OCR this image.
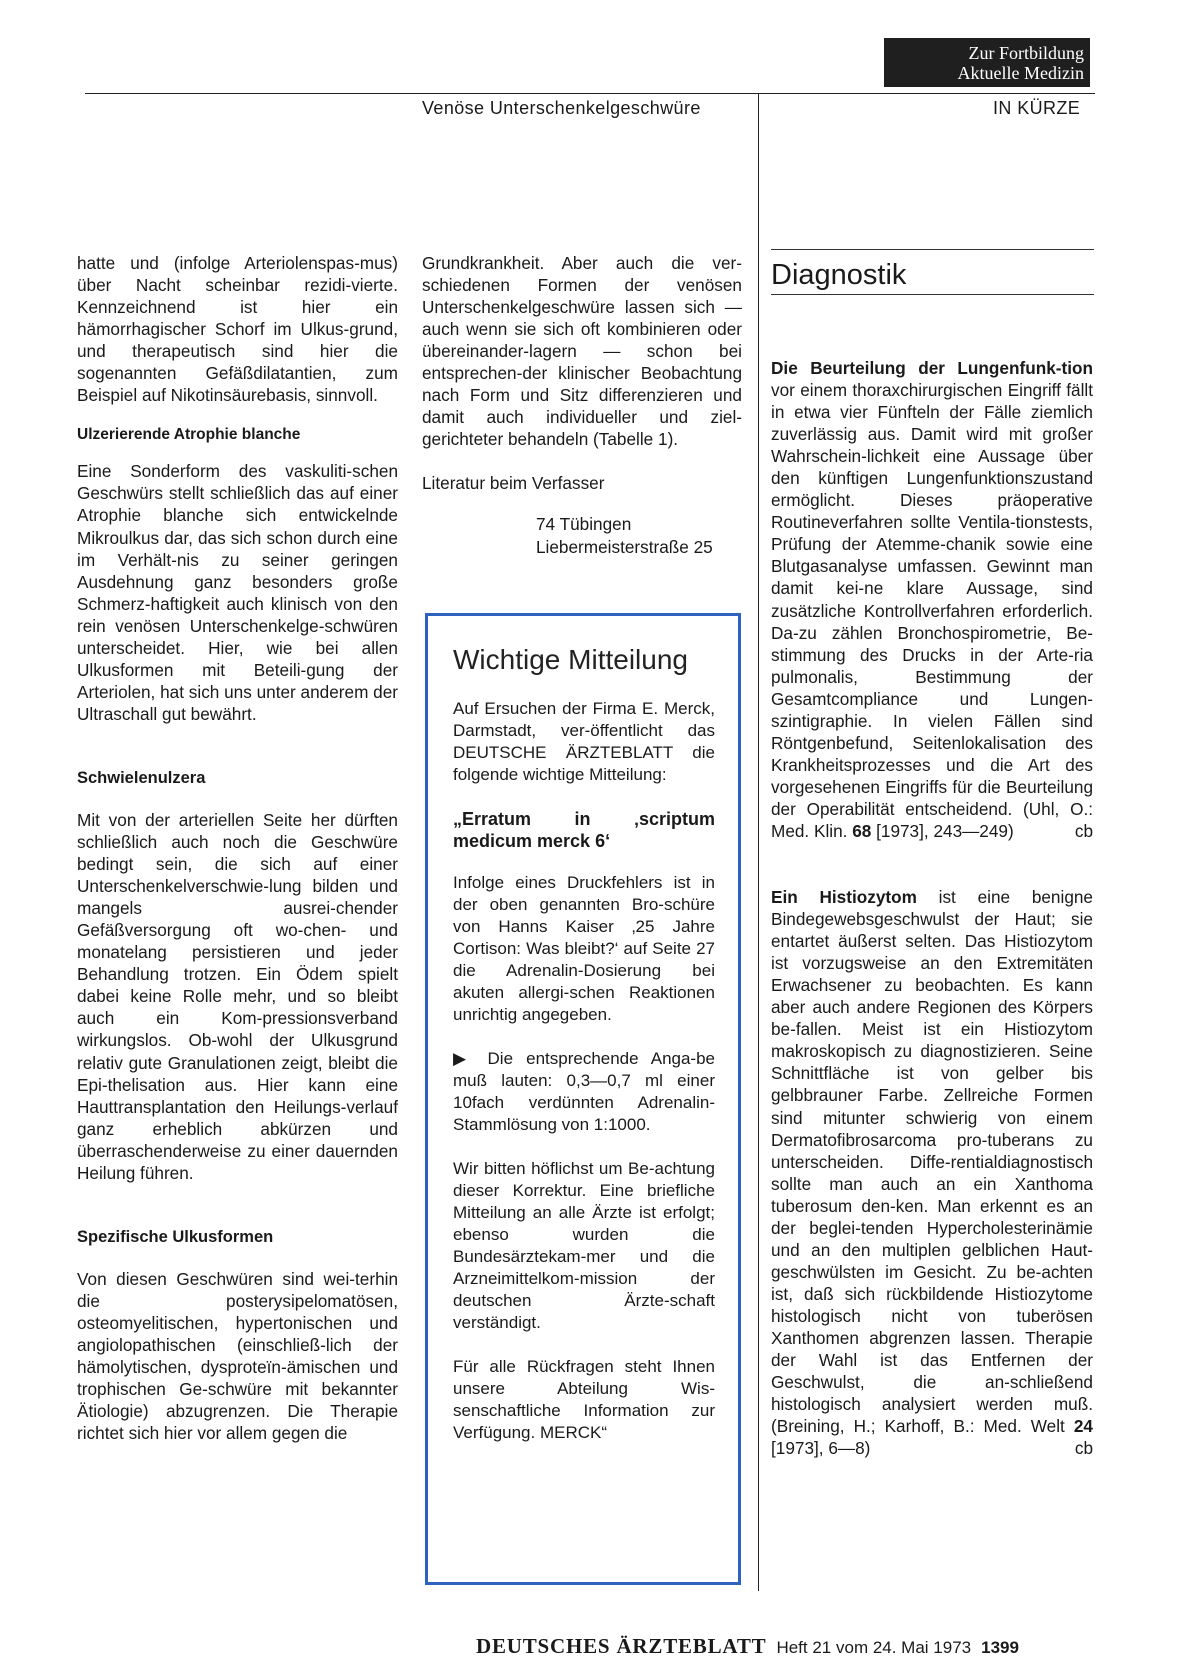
Zur Fortbildung
Aktuelle Medizin
Venöse Unterschenkelgeschwüre	IN KÜRZE

hatte und (infolge Arteriolenspas-mus) über Nacht scheinbar rezidi-vierte. Kennzeichnend ist hier ein hämorrhagischer Schorf im Ulkus-grund, und therapeutisch sind hier die sogenannten Gefäßdilatantien, zum Beispiel auf Nikotinsäurebasis, sinnvoll.

Ulzerierende Atrophie blanche

Eine Sonderform des vaskuliti-schen Geschwürs stellt schließlich das auf einer Atrophie blanche sich entwickelnde Mikroulkus dar, das sich schon durch eine im Verhält-nis zu seiner geringen Ausdehnung ganz besonders große Schmerz-haftigkeit auch klinisch von den rein venösen Unterschenkelge-schwüren unterscheidet. Hier, wie bei allen Ulkusformen mit Beteili-gung der Arteriolen, hat sich uns unter anderem der Ultraschall gut bewährt.

Schwielenulzera

Mit von der arteriellen Seite her dürften schließlich auch noch die Geschwüre bedingt sein, die sich auf einer Unterschenkelverschwie-lung bilden und mangels ausrei-chender Gefäßversorgung oft wo-chen- und monatelang persistieren und jeder Behandlung trotzen. Ein Ödem spielt dabei keine Rolle mehr, und so bleibt auch ein Kom-pressionsverband wirkungslos. Ob-wohl der Ulkusgrund relativ gute Granulationen zeigt, bleibt die Epi-thelisation aus. Hier kann eine Hauttransplantation den Heilungs-verlauf ganz erheblich abkürzen und überraschenderweise zu einer dauernden Heilung führen.

Spezifische Ulkusformen

Von diesen Geschwüren sind wei-terhin die posterysipelomatösen, osteomyelitischen, hypertonischen und angiolopathischen (einschließ-lich der hämolytischen, dysproteïn-ämischen und trophischen Ge-schwüre mit bekannter Ätiologie) abzugrenzen. Die Therapie richtet sich hier vor allem gegen die

Grundkrankheit. Aber auch die ver-schiedenen Formen der venösen Unterschenkelgeschwüre lassen sich — auch wenn sie sich oft kombinieren oder übereinander-lagern — schon bei entsprechen-der klinischer Beobachtung nach Form und Sitz differenzieren und damit auch individueller und ziel-gerichteter behandeln (Tabelle 1).

Literatur beim Verfasser

74 Tübingen

Liebermeisterstraße 25

Wichtige Mitteilung

Auf Ersuchen der Firma E. Merck, Darmstadt, ver-öffentlicht das DEUTSCHE ÄRZTEBLATT die folgende wichtige Mitteilung:

„Erratum in ‚scriptum medicum merck 6‘

Infolge eines Druckfehlers ist in der oben genannten Bro-schüre von Hanns Kaiser ‚25 Jahre Cortison: Was bleibt?‘ auf Seite 27 die Adrenalin-Dosierung bei akuten allergi-schen Reaktionen unrichtig angegeben.

▶ Die entsprechende Anga-be muß lauten: 0,3—0,7 ml einer 10fach verdünnten Adrenalin-Stammlösung von 1:1000.

Wir bitten höflichst um Be-achtung dieser Korrektur. Eine briefliche Mitteilung an alle Ärzte ist erfolgt; ebenso wurden die Bundesärztekam-mer und die Arzneimittelkom-mission der deutschen Ärzte-schaft verständigt.

Für alle Rückfragen steht Ihnen unsere Abteilung Wis-senschaftliche Information zur Verfügung. MERCK“

Diagnostik

Die Beurteilung der Lungenfunk-tion vor einem thoraxchirurgischen Eingriff fällt in etwa vier Fünfteln der Fälle ziemlich zuverlässig aus. Damit wird mit großer Wahrschein-lichkeit eine Aussage über den künftigen Lungenfunktionszustand ermöglicht. Dieses präoperative Routineverfahren sollte Ventila-tionstests, Prüfung der Atemme-chanik sowie eine Blutgasanalyse umfassen. Gewinnt man damit kei-ne klare Aussage, sind zusätzliche Kontrollverfahren erforderlich. Da-zu zählen Bronchospirometrie, Be-stimmung des Drucks in der Arte-ria pulmonalis, Bestimmung der Gesamtcompliance und Lungen-szintigraphie. In vielen Fällen sind Röntgenbefund, Seitenlokalisation des Krankheitsprozesses und die Art des vorgesehenen Eingriffs für die Beurteilung der Operabilität entscheidend. (Uhl, O.: Med. Klin. 68 [1973], 243—249)	cb

Ein Histiozytom ist eine benigne Bindegewebsgeschwulst der Haut; sie entartet äußerst selten. Das Histiozytom ist vorzugsweise an den Extremitäten Erwachsener zu beobachten. Es kann aber auch andere Regionen des Körpers be-fallen. Meist ist ein Histiozytom makroskopisch zu diagnostizieren. Seine Schnittfläche ist von gelber bis gelbbrauner Farbe. Zellreiche Formen sind mitunter schwierig von einem Dermatofibrosarcoma pro-tuberans zu unterscheiden. Diffe-rentialdiagnostisch sollte man auch an ein Xanthoma tuberosum den-ken. Man erkennt es an der beglei-tenden Hypercholesterinämie und an den multiplen gelblichen Haut-geschwülsten im Gesicht. Zu be-achten ist, daß sich rückbildende Histiozytome histologisch nicht von tuberösen Xanthomen abgrenzen lassen. Therapie der Wahl ist das Entfernen der Geschwulst, die an-schließend histologisch analysiert werden muß. (Breining, H.; Karhoff, B.: Med. Welt 24 [1973], 6—8)	cb

DEUTSCHES ÄRZTEBLATT Heft 21 vom 24. Mai 1973 1399
